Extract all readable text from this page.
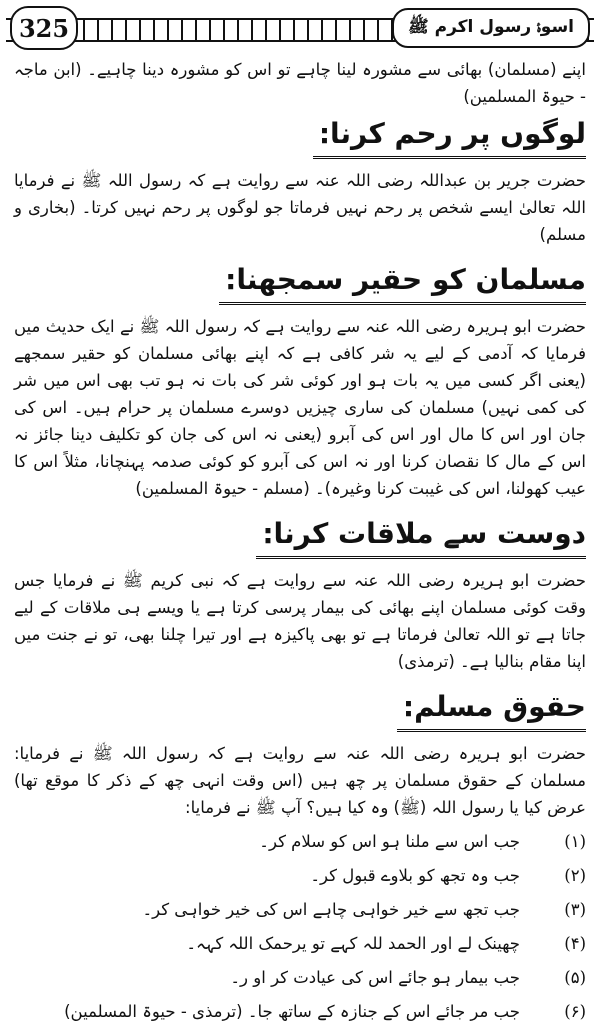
325	اسوۂ رسول اکرم ﷺ

اپنے (مسلمان) بھائی سے مشورہ لینا چاہے تو اس کو مشورہ دینا چاہیے۔ (ابن ماجہ - حیوۃ المسلمین)

لوگوں پر رحم کرنا:

حضرت جریر بن عبداللہ رضی اللہ عنہ سے روایت ہے کہ رسول اللہ ﷺ نے فرمایا اللہ تعالیٰ ایسے شخص پر رحم نہیں فرماتا جو لوگوں پر رحم نہیں کرتا۔ (بخاری و مسلم)

مسلمان کو حقیر سمجھنا:

حضرت ابو ہریرہ رضی اللہ عنہ سے روایت ہے کہ رسول اللہ ﷺ نے ایک حدیث میں فرمایا کہ آدمی کے لیے یہ شر کافی ہے کہ اپنے بھائی مسلمان کو حقیر سمجھے (یعنی اگر کسی میں یہ بات ہو اور کوئی شر کی بات نہ ہو تب بھی اس میں شر کی کمی نہیں) مسلمان کی ساری چیزیں دوسرے مسلمان پر حرام ہیں۔ اس کی جان اور اس کا مال اور اس کی آبرو (یعنی نہ اس کی جان کو تکلیف دینا جائز نہ اس کے مال کا نقصان کرنا اور نہ اس کی آبرو کو کوئی صدمہ پہنچانا، مثلاً اس کا عیب کھولنا، اس کی غیبت کرنا وغیرہ)۔ (مسلم - حیوۃ المسلمین)

دوست سے ملاقات کرنا:

حضرت ابو ہریرہ رضی اللہ عنہ سے روایت ہے کہ نبی کریم ﷺ نے فرمایا جس وقت کوئی مسلمان اپنے بھائی کی بیمار پرسی کرتا ہے یا ویسے ہی ملاقات کے لیے جاتا ہے تو اللہ تعالیٰ فرماتا ہے تو بھی پاکیزہ ہے اور تیرا چلنا بھی، تو نے جنت میں اپنا مقام بنالیا ہے۔ (ترمذی)

حقوق مسلم:

حضرت ابو ہریرہ رضی اللہ عنہ سے روایت ہے کہ رسول اللہ ﷺ نے فرمایا: مسلمان کے حقوق مسلمان پر چھ ہیں (اس وقت انہی چھ کے ذکر کا موقع تھا) عرض کیا یا رسول اللہ (ﷺ) وہ کیا ہیں؟ آپ ﷺ نے فرمایا:

(۱)
جب اس سے ملنا ہو اس کو سلام کر۔
(۲)
جب وہ تجھ کو بلاوے قبول کر۔
(۳)
جب تجھ سے خیر خواہی چاہے اس کی خیر خواہی کر۔
(۴)
چھینک لے اور الحمد للہ کہے تو یرحمک اللہ کہہ۔
(۵)
جب بیمار ہو جائے اس کی عیادت کر او ر۔
(۶)
جب مر جائے اس کے جنازہ کے ساتھ جا۔ (ترمذی - حیوۃ المسلمین)
